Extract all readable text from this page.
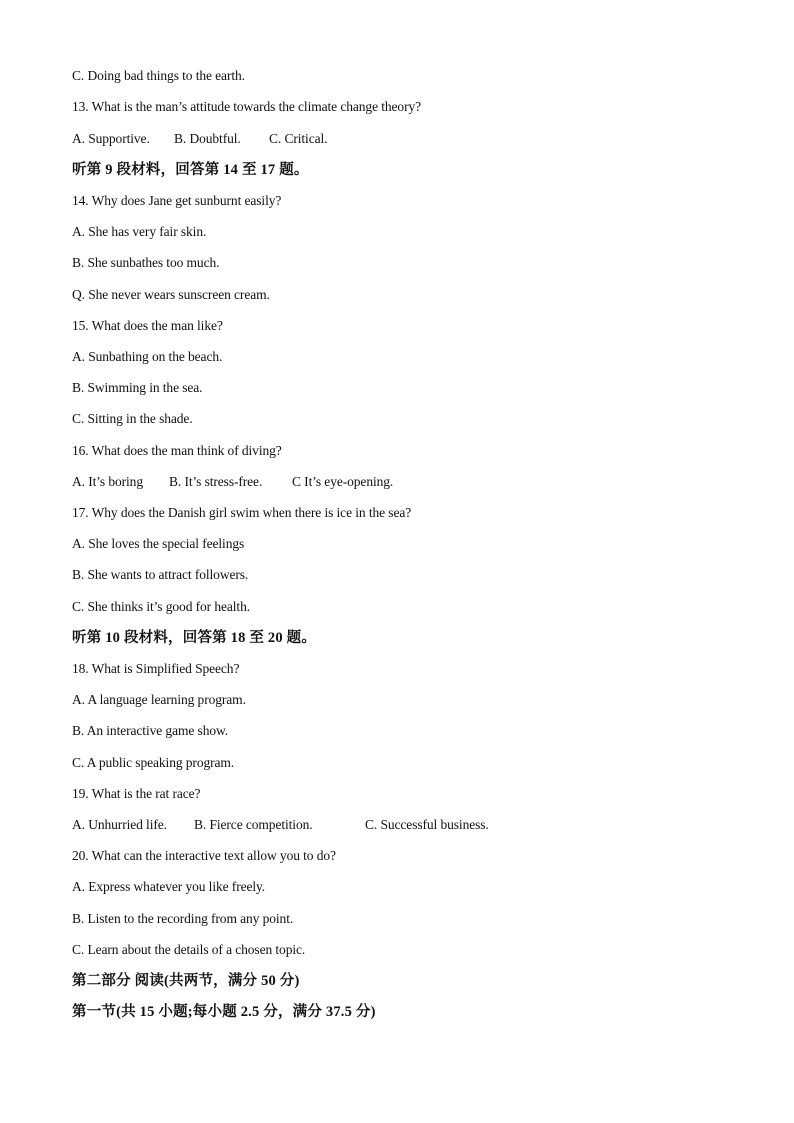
C. Doing bad things to the earth.
13. What is the man’s attitude towards the climate change theory?
A. Supportive. B. Doubtful. C. Critical.
听第 9 段材料，回答第 14 至 17 题。
14. Why does Jane get sunburnt easily?
A. She has very fair skin.
B. She sunbathes too much.
Q. She never wears sunscreen cream.
15. What does the man like?
A. Sunbathing on the beach.
B. Swimming in the sea.
C. Sitting in the shade.
16. What does the man think of diving?
A. It’s boring B. It’s stress-free. C It’s eye-opening.
17. Why does the Danish girl swim when there is ice in the sea?
A. She loves the special feelings
B. She wants to attract followers.
C. She thinks it’s good for health.
听第 10 段材料，回答第 18 至 20 题。
18. What is Simplified Speech?
A. A language learning program.
B. An interactive game show.
C. A public speaking program.
19. What is the rat race?
A. Unhurried life. B. Fierce competition.	C. Successful business.
20. What can the interactive text allow you to do?
A. Express whatever you like freely.
B. Listen to the recording from any point.
C. Learn about the details of a chosen topic.
第二部分 阅读(共两节，满分 50 分)
第一节(共 15 小题;每小题 2.5 分，满分 37.5 分)
